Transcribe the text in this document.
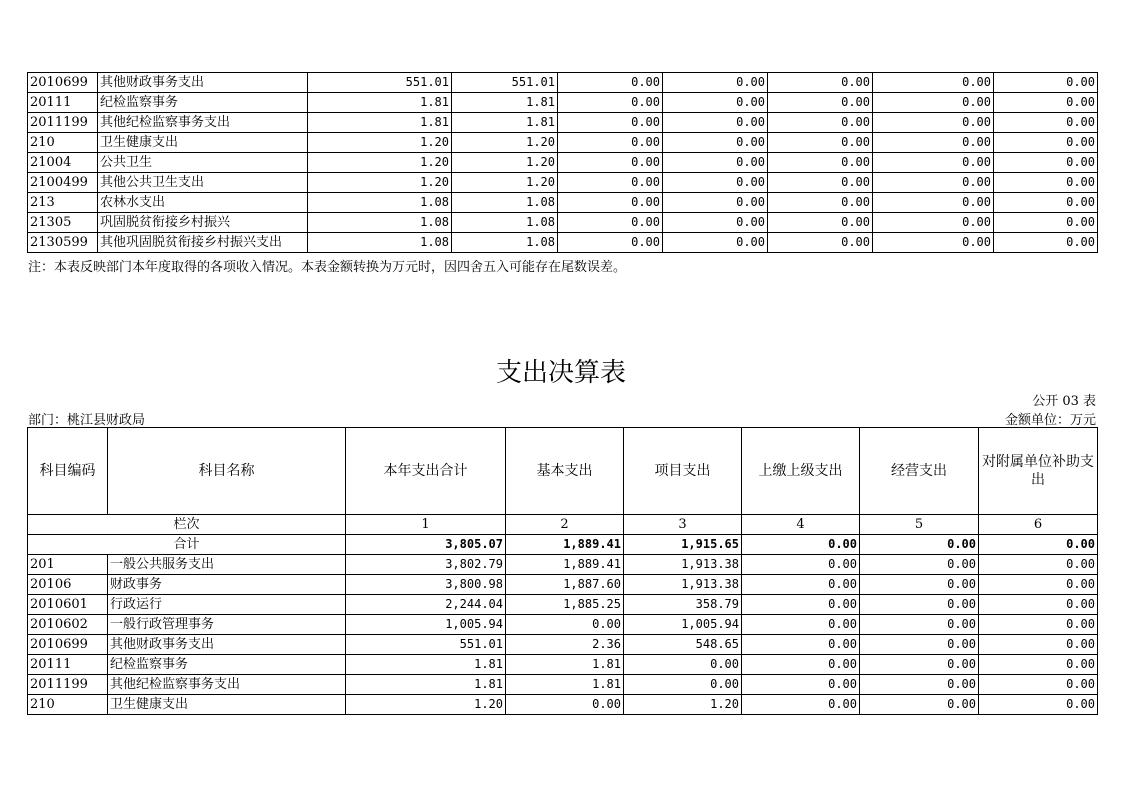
2010699	其他财政事务支出	551.01	551.01	0.00	0.00	0.00	0.00	0.00
20111	纪检监察事务	1.81	1.81	0.00	0.00	0.00	0.00	0.00
2011199	其他纪检监察事务支出	1.81	1.81	0.00	0.00	0.00	0.00	0.00
210	卫生健康支出	1.20	1.20	0.00	0.00	0.00	0.00	0.00
21004	公共卫生	1.20	1.20	0.00	0.00	0.00	0.00	0.00
2100499	其他公共卫生支出	1.20	1.20	0.00	0.00	0.00	0.00	0.00
213	农林水支出	1.08	1.08	0.00	0.00	0.00	0.00	0.00
21305	巩固脱贫衔接乡村振兴	1.08	1.08	0.00	0.00	0.00	0.00	0.00
2130599	其他巩固脱贫衔接乡村振兴支出	1.08	1.08	0.00	0.00	0.00	0.00	0.00
注：本表反映部门本年度取得的各项收入情况。本表金额转换为万元时，因四舍五入可能存在尾数误差。
支出决算表
公开 03 表
部门：桃江县财政局	金额单位：万元
科目编码	科目名称	本年支出合计	基本支出	项目支出	上缴上级支出	经营支出	对附属单位补助支出
栏次		1	2	3	4	5	6
合计		3,805.07	1,889.41	1,915.65	0.00	0.00	0.00
201	一般公共服务支出	3,802.79	1,889.41	1,913.38	0.00	0.00	0.00
20106	财政事务	3,800.98	1,887.60	1,913.38	0.00	0.00	0.00
2010601	行政运行	2,244.04	1,885.25	358.79	0.00	0.00	0.00
2010602	一般行政管理事务	1,005.94	0.00	1,005.94	0.00	0.00	0.00
2010699	其他财政事务支出	551.01	2.36	548.65	0.00	0.00	0.00
20111	纪检监察事务	1.81	1.81	0.00	0.00	0.00	0.00
2011199	其他纪检监察事务支出	1.81	1.81	0.00	0.00	0.00	0.00
210	卫生健康支出	1.20	0.00	1.20	0.00	0.00	0.00
